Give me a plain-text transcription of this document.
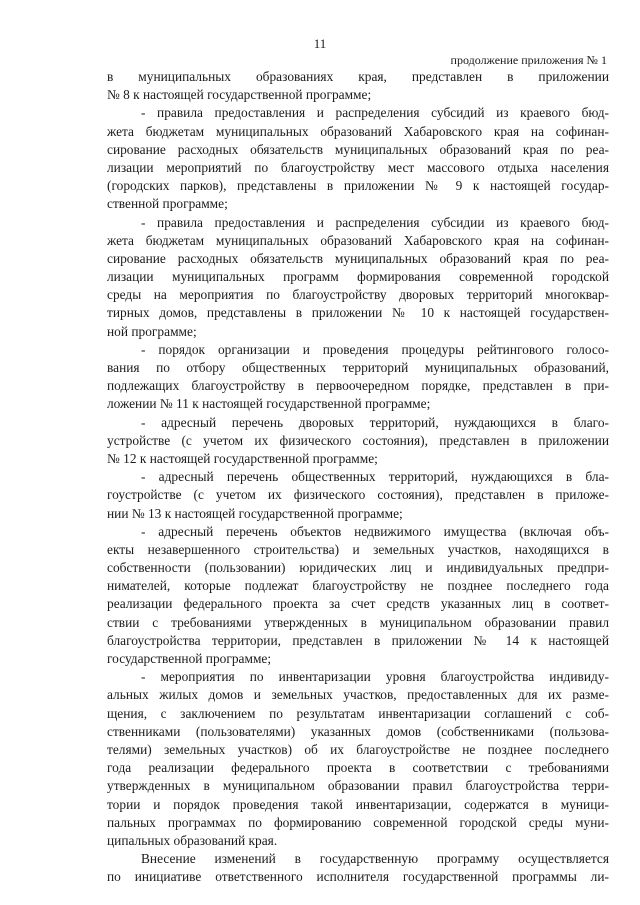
11
продолжение приложения № 1
в муниципальных образованиях края, представлен в приложении
№ 8 к настоящей государственной программе;
- правила предоставления и распределения субсидий из краевого бюд-
жета бюджетам муниципальных образований Хабаровского края на софинан-
сирование расходных обязательств муниципальных образований края по реа-
лизации мероприятий по благоустройству мест массового отдыха населения
(городских парков), представлены в приложении № 9 к настоящей государ-
ственной программе;
- правила предоставления и распределения субсидии из краевого бюд-
жета бюджетам муниципальных образований Хабаровского края на софинан-
сирование расходных обязательств муниципальных образований края по реа-
лизации муниципальных программ формирования современной городской
среды на мероприятия по благоустройству дворовых территорий многоквар-
тирных домов, представлены в приложении № 10 к настоящей государствен-
ной программе;
- порядок организации и проведения процедуры рейтингового голосо-
вания по отбору общественных территорий муниципальных образований,
подлежащих благоустройству в первоочередном порядке, представлен в при-
ложении № 11 к настоящей государственной программе;
- адресный перечень дворовых территорий, нуждающихся в благо-
устройстве (с учетом их физического состояния), представлен в приложении
№ 12 к настоящей государственной программе;
- адресный перечень общественных территорий, нуждающихся в бла-
гоустройстве (с учетом их физического состояния), представлен в приложе-
нии № 13 к настоящей государственной программе;
- адресный перечень объектов недвижимого имущества (включая объ-
екты незавершенного строительства) и земельных участков, находящихся в
собственности (пользовании) юридических лиц и индивидуальных предпри-
нимателей, которые подлежат благоустройству не позднее последнего года
реализации федерального проекта за счет средств указанных лиц в соответ-
ствии с требованиями утвержденных в муниципальном образовании правил
благоустройства территории, представлен в приложении № 14 к настоящей
государственной программе;
- мероприятия по инвентаризации уровня благоустройства индивиду-
альных жилых домов и земельных участков, предоставленных для их разме-
щения, с заключением по результатам инвентаризации соглашений с соб-
ственниками (пользователями) указанных домов (собственниками (пользова-
телями) земельных участков) об их благоустройстве не позднее последнего
года реализации федерального проекта в соответствии с требованиями
утвержденных в муниципальном образовании правил благоустройства терри-
тории и порядок проведения такой инвентаризации, содержатся в муници-
пальных программах по формированию современной городской среды муни-
ципальных образований края.
Внесение изменений в государственную программу осуществляется
по инициативе ответственного исполнителя государственной программы ли-
